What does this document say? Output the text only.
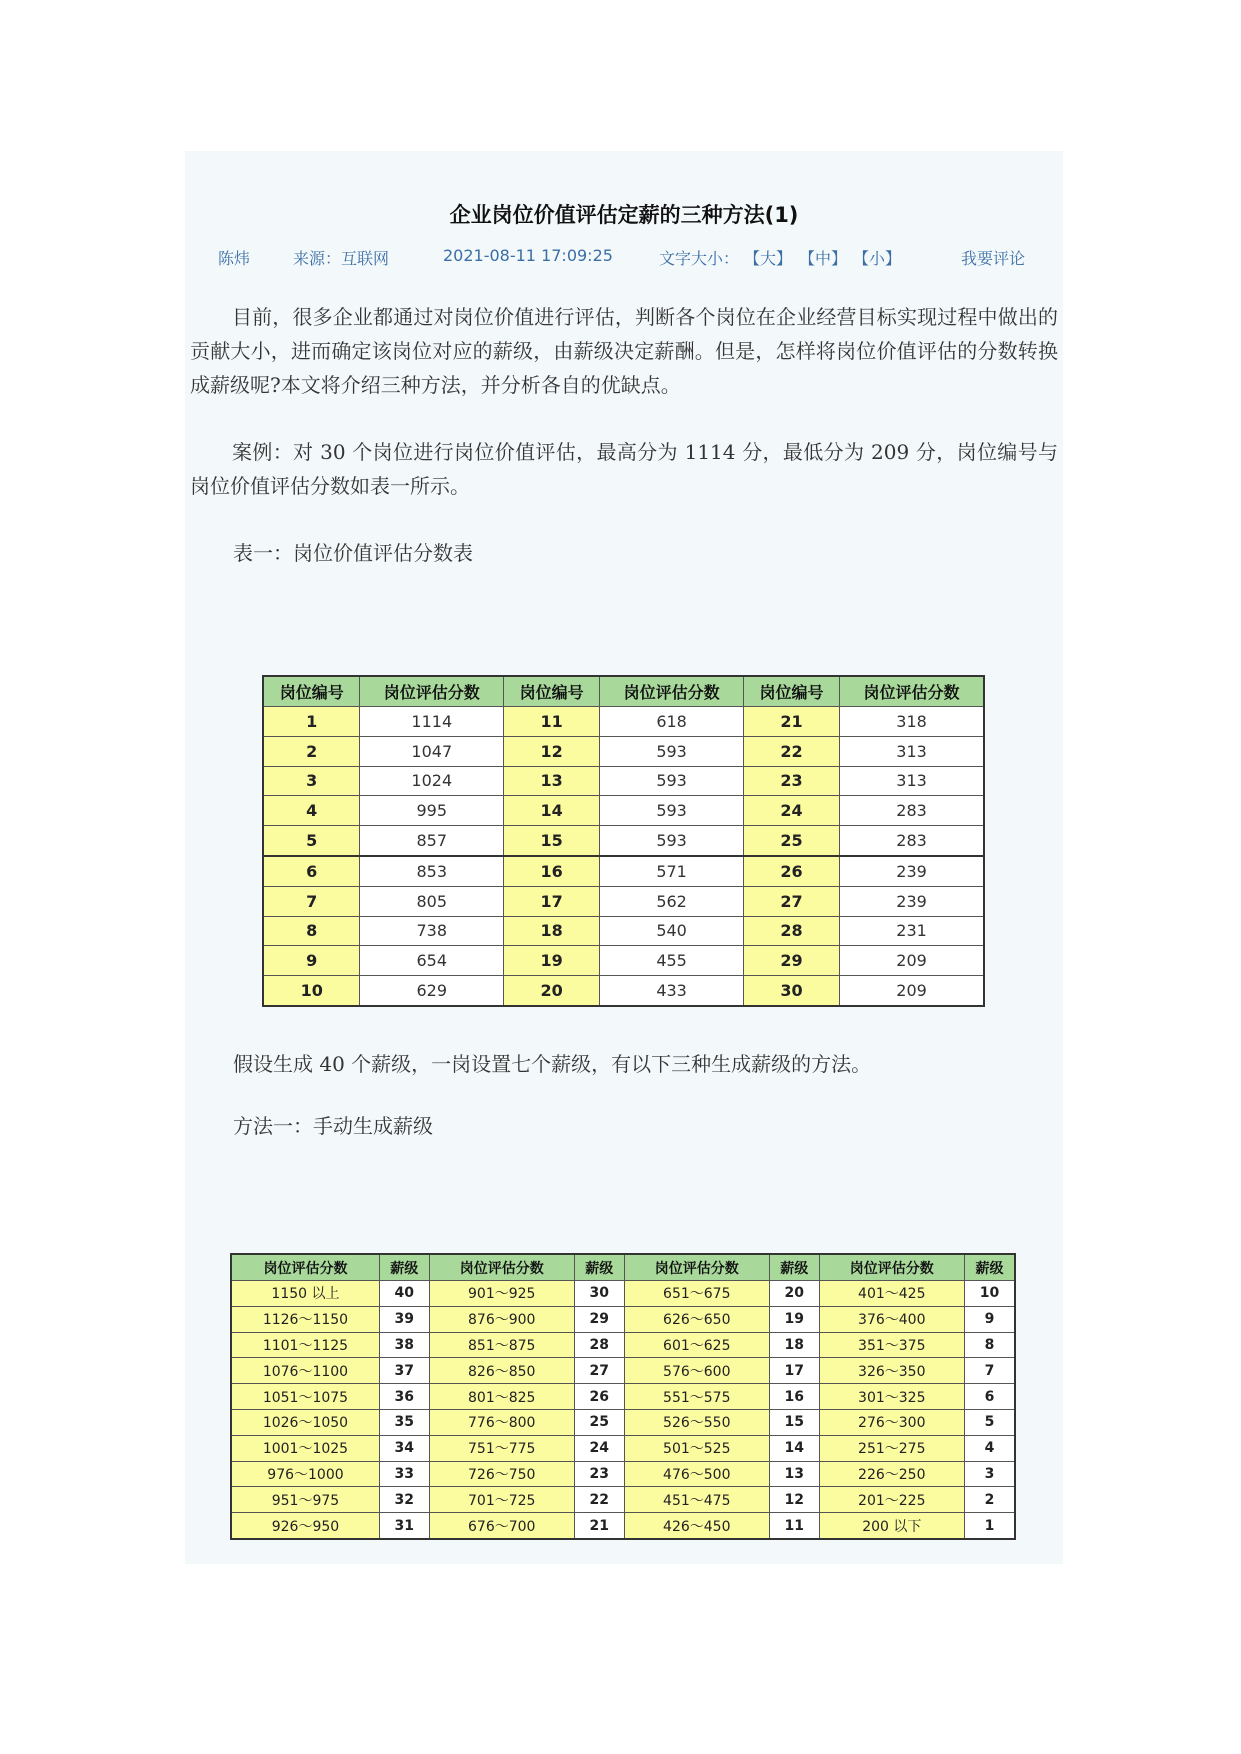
企业岗位价值评估定薪的三种方法(1)
陈炜	来源：互联网	2021-08-11 17:09:25	文字大小： 【大】 【中】 【小】	我要评论
目前，很多企业都通过对岗位价值进行评估，判断各个岗位在企业经营目标实现过程中做出的贡献大小，进而确定该岗位对应的薪级，由薪级决定薪酬。但是，怎样将岗位价值评估的分数转换成薪级呢?本文将介绍三种方法，并分析各自的优缺点。
案例：对 30 个岗位进行岗位价值评估，最高分为 1114 分，最低分为 209 分，岗位编号与岗位价值评估分数如表一所示。
表一：岗位价值评估分数表
岗位编号	岗位评估分数	岗位编号	岗位评估分数	岗位编号	岗位评估分数
1	1114	11	618	21	318
2	1047	12	593	22	313
3	1024	13	593	23	313
4	995	14	593	24	283
5	857	15	593	25	283
6	853	16	571	26	239
7	805	17	562	27	239
8	738	18	540	28	231
9	654	19	455	29	209
10	629	20	433	30	209
假设生成 40 个薪级，一岗设置七个薪级，有以下三种生成薪级的方法。
方法一：手动生成薪级
岗位评估分数	薪级	岗位评估分数	薪级	岗位评估分数	薪级	岗位评估分数	薪级
1150 以上	40	901～925	30	651～675	20	401～425	10
1126～1150	39	876～900	29	626～650	19	376～400	9
1101～1125	38	851～875	28	601～625	18	351～375	8
1076～1100	37	826～850	27	576～600	17	326～350	7
1051～1075	36	801～825	26	551～575	16	301～325	6
1026～1050	35	776～800	25	526～550	15	276～300	5
1001～1025	34	751～775	24	501～525	14	251～275	4
976～1000	33	726～750	23	476～500	13	226～250	3
951～975	32	701～725	22	451～475	12	201～225	2
926～950	31	676～700	21	426～450	11	200 以下	1
